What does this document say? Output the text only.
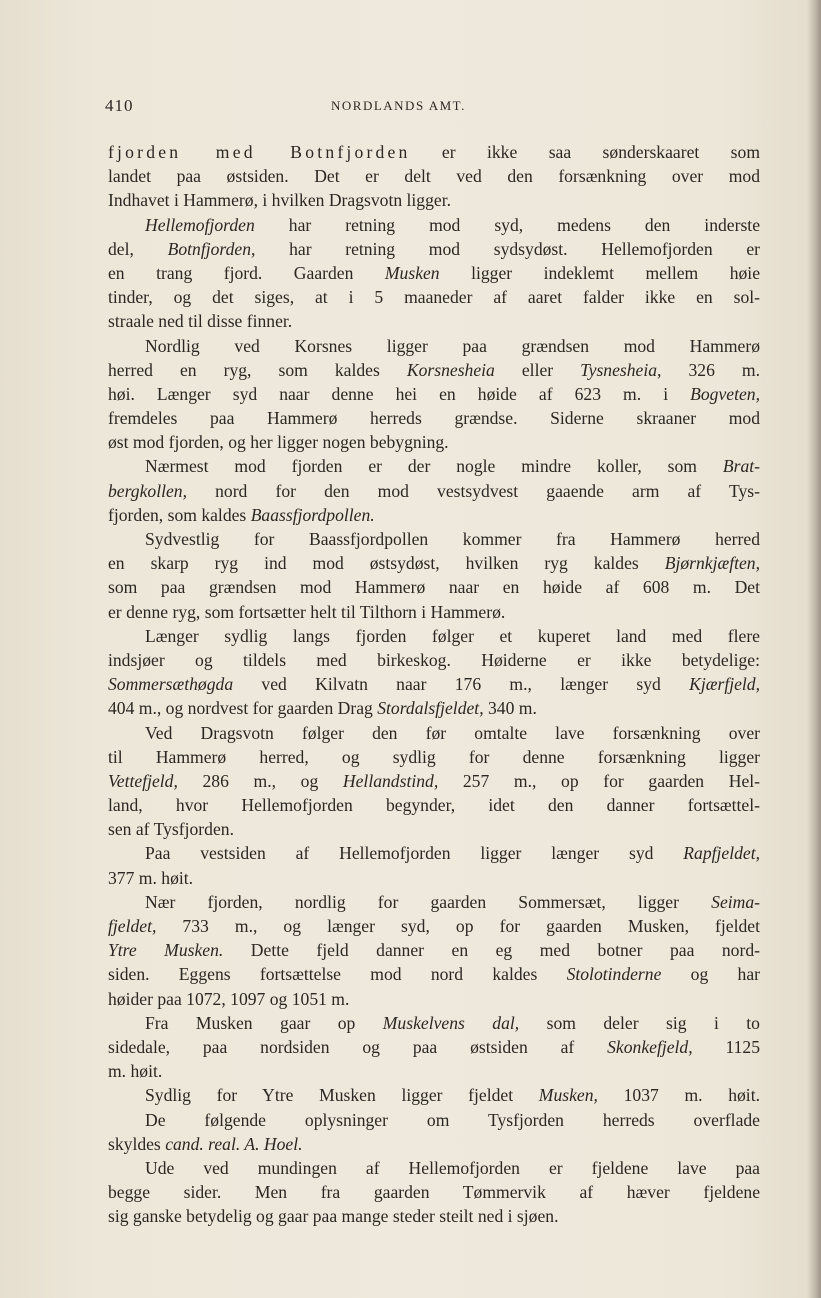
410	NORDLANDS AMT.
fjorden med Botnfjorden er ikke saa sønderskaaret som
landet paa østsiden. Det er delt ved den forsænkning over mod
Indhavet i Hammerø, i hvilken Dragsvotn ligger.
Hellemofjorden har retning mod syd, medens den inderste
del, Botnfjorden, har retning mod sydsydøst. Hellemofjorden er
en trang fjord. Gaarden Musken ligger indeklemt mellem høie
tinder, og det siges, at i 5 maaneder af aaret falder ikke en sol-
straale ned til disse finner.
Nordlig ved Korsnes ligger paa grændsen mod Hammerø
herred en ryg, som kaldes Korsnesheia eller Tysnesheia, 326 m.
høi. Længer syd naar denne hei en høide af 623 m. i Bogveten,
fremdeles paa Hammerø herreds grændse. Siderne skraaner mod
øst mod fjorden, og her ligger nogen bebygning.
Nærmest mod fjorden er der nogle mindre koller, som Brat-
bergkollen, nord for den mod vestsydvest gaaende arm af Tys-
fjorden, som kaldes Baassfjordpollen.
Sydvestlig for Baassfjordpollen kommer fra Hammerø herred
en skarp ryg ind mod østsydøst, hvilken ryg kaldes Bjørnkjæften,
som paa grændsen mod Hammerø naar en høide af 608 m. Det
er denne ryg, som fortsætter helt til Tilthorn i Hammerø.
Længer sydlig langs fjorden følger et kuperet land med flere
indsjøer og tildels med birkeskog. Høiderne er ikke betydelige:
Sommersæthøgda ved Kilvatn naar 176 m., længer syd Kjærfjeld,
404 m., og nordvest for gaarden Drag Stordalsfjeldet, 340 m.
Ved Dragsvotn følger den før omtalte lave forsænkning over
til Hammerø herred, og sydlig for denne forsænkning ligger
Vettefjeld, 286 m., og Hellandstind, 257 m., op for gaarden Hel-
land, hvor Hellemofjorden begynder, idet den danner fortsættel-
sen af Tysfjorden.
Paa vestsiden af Hellemofjorden ligger længer syd Rapfjeldet,
377 m. høit.
Nær fjorden, nordlig for gaarden Sommersæt, ligger Seima-
fjeldet, 733 m., og længer syd, op for gaarden Musken, fjeldet
Ytre Musken. Dette fjeld danner en eg med botner paa nord-
siden. Eggens fortsættelse mod nord kaldes Stolotinderne og har
høider paa 1072, 1097 og 1051 m.
Fra Musken gaar op Muskelvens dal, som deler sig i to
sidedale, paa nordsiden og paa østsiden af Skonkefjeld, 1125
m. høit.
Sydlig for Ytre Musken ligger fjeldet Musken, 1037 m. høit.
De følgende oplysninger om Tysfjorden herreds overflade
skyldes cand. real. A. Hoel.
Ude ved mundingen af Hellemofjorden er fjeldene lave paa
begge sider. Men fra gaarden Tømmervik af hæver fjeldene
sig ganske betydelig og gaar paa mange steder steilt ned i sjøen.
